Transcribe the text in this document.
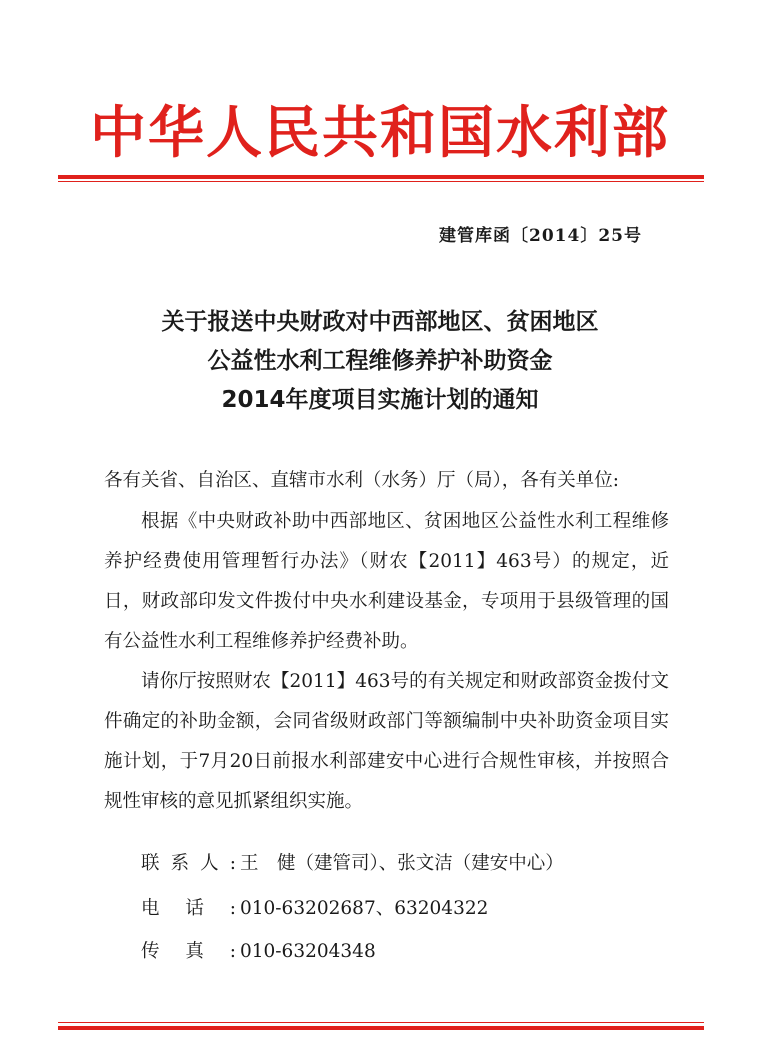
中华人民共和国水利部
建管库函〔2014〕25号
关于报送中央财政对中西部地区、贫困地区
公益性水利工程维修养护补助资金
2014年度项目实施计划的通知
各有关省、自治区、直辖市水利（水务）厅（局），各有关单位:
根据《中央财政补助中西部地区、贫困地区公益性水利工程维修养护经费使用管理暂行办法》（财农【2011】463号）的规定，近日，财政部印发文件拨付中央水利建设基金，专项用于县级管理的国有公益性水利工程维修养护经费补助。
请你厅按照财农【2011】463号的有关规定和财政部资金拨付文件确定的补助金额，会同省级财政部门等额编制中央补助资金项目实施计划，于7月20日前报水利部建安中心进行合规性审核，并按照合规性审核的意见抓紧组织实施。
联系人: 王　健（建管司）、张文洁（建安中心）
电话: 010-63202687、63204322
传真: 010-63204348
